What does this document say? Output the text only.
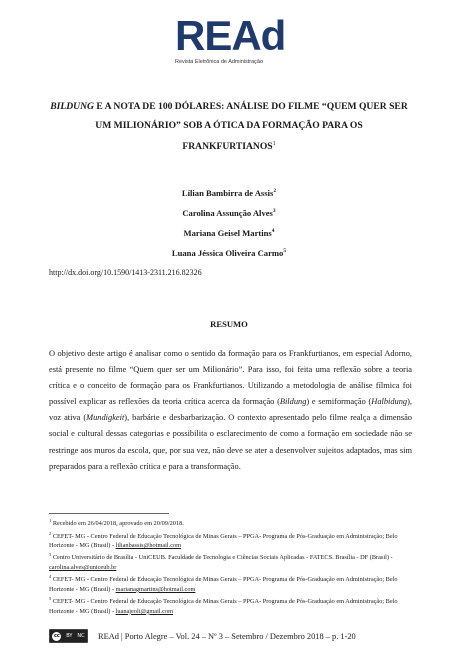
REAd
Revista Eletrônica de Administração
BILDUNG E A NOTA DE 100 DÓLARES: ANÁLISE DO FILME “QUEM QUER SER
UM MILIONÁRIO” SOB A ÓTICA DA FORMAÇÃO PARA OS
FRANKFURTIANOS$^1$
Lílian Bambirra de Assis$^2$
Carolina Assunção Alves$^3$
Mariana Geisel Martins$^4$
Luana Jéssica Oliveira Carmo$^5$
http://dx.doi.org/10.1590/1413-2311.216.82326
RESUMO
O objetivo deste artigo é analisar como o sentido da formação para os Frankfurtianos, em especial Adorno, está presente no filme “Quem quer ser um Milionário”. Para isso, foi feita uma reflexão sobre a teoria crítica e o conceito de formação para os Frankfurtianos. Utilizando a metodologia de análise fílmica foi possível explicar as reflexões da teoria crítica acerca da formação (Bildung) e semiformação (Halbidung), voz ativa (Mundigkeit), barbárie e desbarbarização. O contexto apresentado pelo filme realça a dimensão social e cultural dessas categorias e possibilita o esclarecimento de como a formação em sociedade não se restringe aos muros da escola, que, por sua vez, não deve se ater a desenvolver sujeitos adaptados, mas sim preparados para a reflexão crítica e para a transformação.

$^1$ Recebido em 26/04/2018, aprovado em 20/09/2018.

$^2$ CEFET- MG - Centro Federal de Educação Tecnológica de Minas Gerais – PPGA- Programa de Pós-Graduação em Administração; Belo Horizonte - MG (Brasil) - lilianbassis@hotmail.com

$^3$ Centro Universitário de Brasília - UniCEUB. Faculdade de Tecnologia e Ciências Sociais Aplicadas - FATECS. Brasília - DF (Brasil) - carolina.alves@uniceub.br

$^4$ CEFET- MG - Centro Federal de Educação Tecnológica de Minas Gerais – PPGA- Programa de Pós-Graduação em Administração; Belo Horizonte - MG (Brasil) - marianagmartins@hotmail.com

$^5$ CEFET- MG - Centro Federal de Educação Tecnológica de Minas Gerais – PPGA- Programa de Pós-Graduação em Administração; Belo Horizonte - MG (Brasil) - luanajeoli@gmail.com

cc	BY NC REAd | Porto Alegre – Vol. 24 – Nº 3 – Setembro / Dezembro 2018 – p. 1-20
